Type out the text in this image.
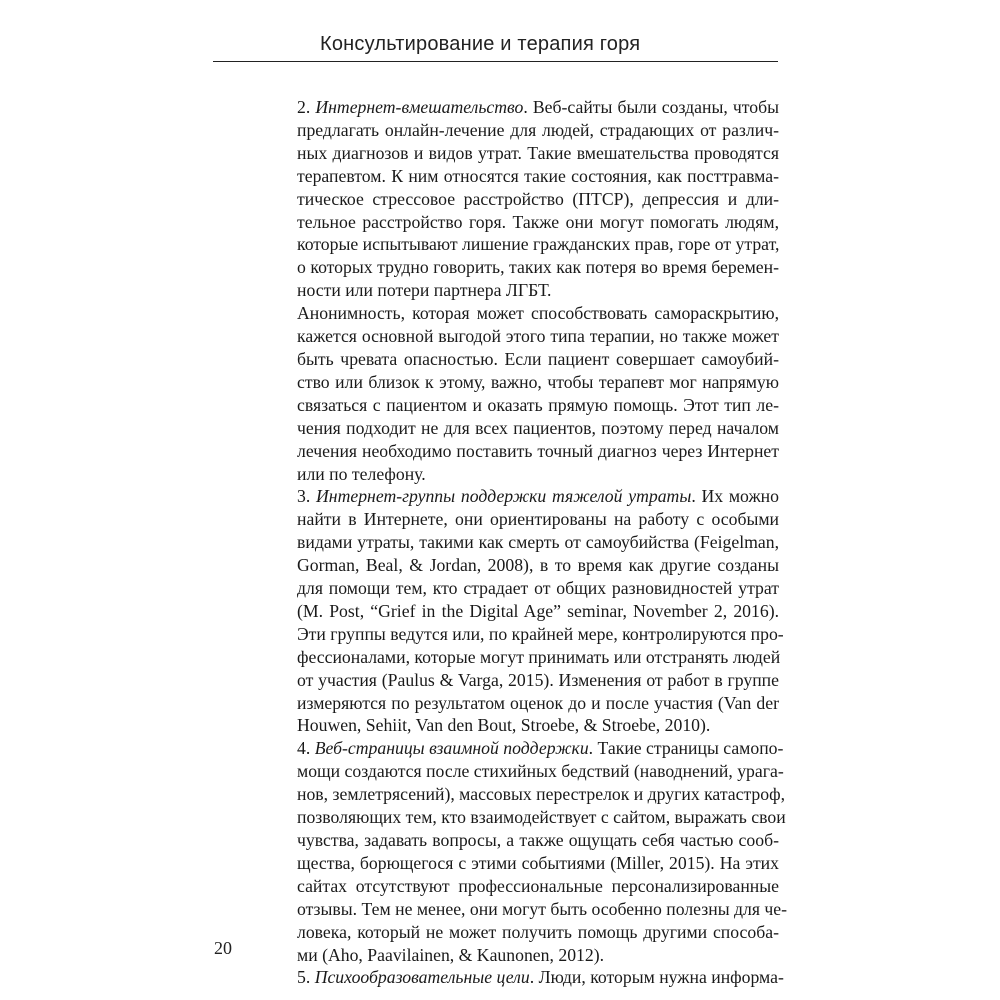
Консультирование и терапия горя
2. Интернет-вмешательство. Веб-сайты были созданы, чтобы
предлагать онлайн-лечение для людей, страдающих от различ-
ных диагнозов и видов утрат. Такие вмешательства проводятся
терапевтом. К ним относятся такие состояния, как посттравма-
тическое стрессовое расстройство (ПТСР), депрессия и дли-
тельное расстройство горя. Также они могут помогать людям,
которые испытывают лишение гражданских прав, горе от утрат,
о которых трудно говорить, таких как потеря во время беремен-
ности или потери партнера ЛГБТ.
Анонимность, которая может способствовать самораскрытию,
кажется основной выгодой этого типа терапии, но также может
быть чревата опасностью. Если пациент совершает самоубий-
ство или близок к этому, важно, чтобы терапевт мог напрямую
связаться с пациентом и оказать прямую помощь. Этот тип ле-
чения подходит не для всех пациентов, поэтому перед началом
лечения необходимо поставить точный диагноз через Интернет
или по телефону.
3. Интернет-группы поддержки тяжелой утраты. Их можно
найти в Интернете, они ориентированы на работу с особыми
видами утраты, такими как смерть от самоубийства (Feigelman,
Gorman, Beal, & Jordan, 2008), в то время как другие созданы
для помощи тем, кто страдает от общих разновидностей утрат
(M. Post, “Grief in the Digital Age” seminar, November 2, 2016).
Эти группы ведутся или, по крайней мере, контролируются про-
фессионалами, которые могут принимать или отстранять людей
от участия (Paulus & Varga, 2015). Изменения от работ в группе
измеряются по результатом оценок до и после участия (Van der
Houwen, Sehiit, Van den Bout, Stroebe, & Stroebe, 2010).
4. Веб-страницы взаимной поддержки. Такие страницы самопо-
мощи создаются после стихийных бедствий (наводнений, урага-
нов, землетрясений), массовых перестрелок и других катастроф,
позволяющих тем, кто взаимодействует с сайтом, выражать свои
чувства, задавать вопросы, а также ощущать себя частью сооб-
щества, борющегося с этими событиями (Miller, 2015). На этих
сайтах отсутствуют профессиональные персонализированные
отзывы. Тем не менее, они могут быть особенно полезны для че-
ловека, который не может получить помощь другими способа-
ми (Aho, Paavilainen, & Kaunonen, 2012).
5. Психообразовательные цели. Люди, которым нужна информа-
20
